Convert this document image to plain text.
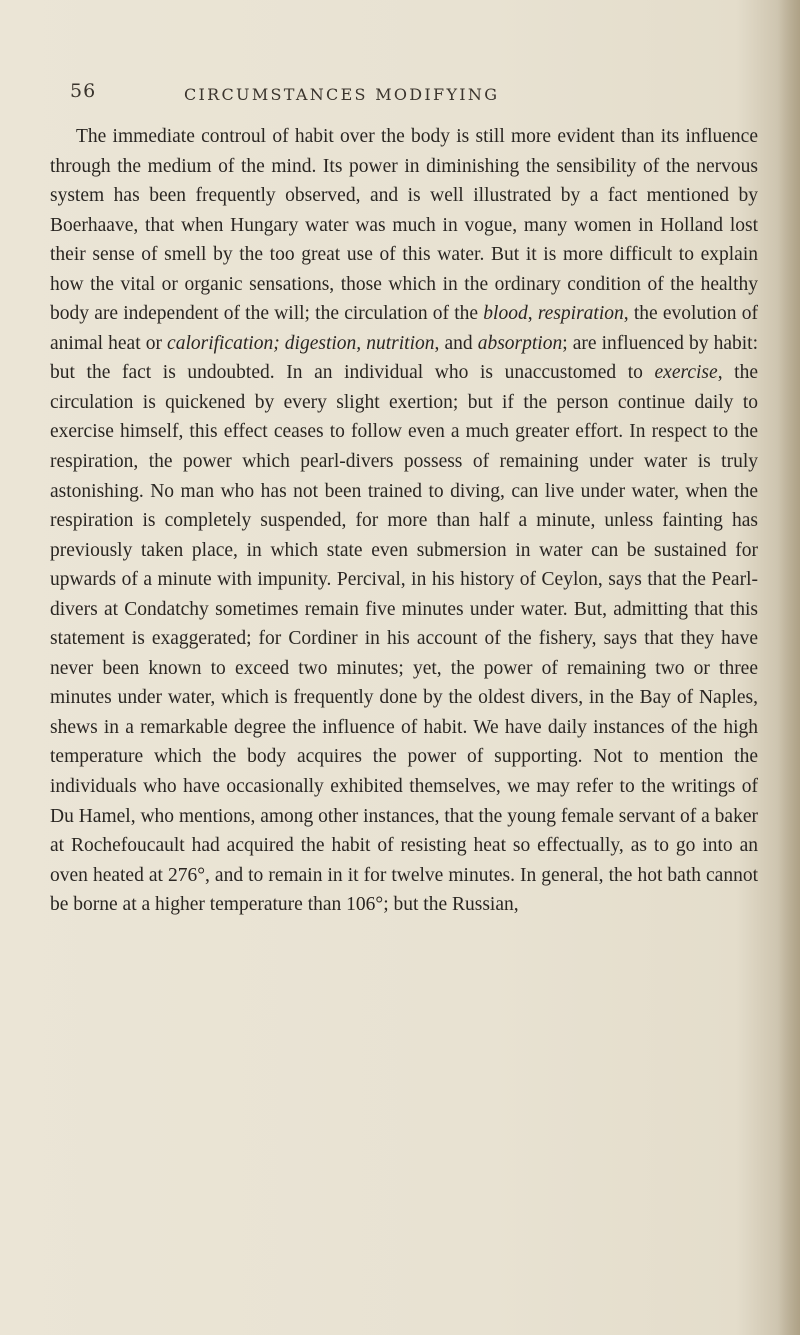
56	CIRCUMSTANCES MODIFYING

The immediate controul of habit over the body is still more evident than its influence through the medium of the mind. Its power in diminishing the sensibility of the nervous system has been frequently observed, and is well illustrated by a fact mentioned by Boerhaave, that when Hungary water was much in vogue, many women in Holland lost their sense of smell by the too great use of this water. But it is more difficult to explain how the vital or organic sensations, those which in the ordinary condition of the healthy body are independent of the will; the circulation of the blood, respiration, the evolution of animal heat or calorification; digestion, nutrition, and absorption; are influenced by habit: but the fact is undoubted. In an individual who is unaccustomed to exercise, the circulation is quickened by every slight exertion; but if the person continue daily to exercise himself, this effect ceases to follow even a much greater effort. In respect to the respiration, the power which pearl-divers possess of remaining under water is truly astonishing. No man who has not been trained to diving, can live under water, when the respiration is completely suspended, for more than half a minute, unless fainting has previously taken place, in which state even submersion in water can be sustained for upwards of a minute with impunity. Percival, in his history of Ceylon, says that the Pearl-divers at Condatchy sometimes remain five minutes under water. But, admitting that this statement is exaggerated; for Cordiner in his account of the fishery, says that they have never been known to exceed two minutes; yet, the power of remaining two or three minutes under water, which is frequently done by the oldest divers, in the Bay of Naples, shews in a remarkable degree the influence of habit. We have daily instances of the high temperature which the body acquires the power of supporting. Not to mention the individuals who have occasionally exhibited themselves, we may refer to the writings of Du Hamel, who mentions, among other instances, that the young female servant of a baker at Rochefoucault had acquired the habit of resisting heat so effectually, as to go into an oven heated at 276°, and to remain in it for twelve minutes. In general, the hot bath cannot be borne at a higher temperature than 106°; but the Russian,
